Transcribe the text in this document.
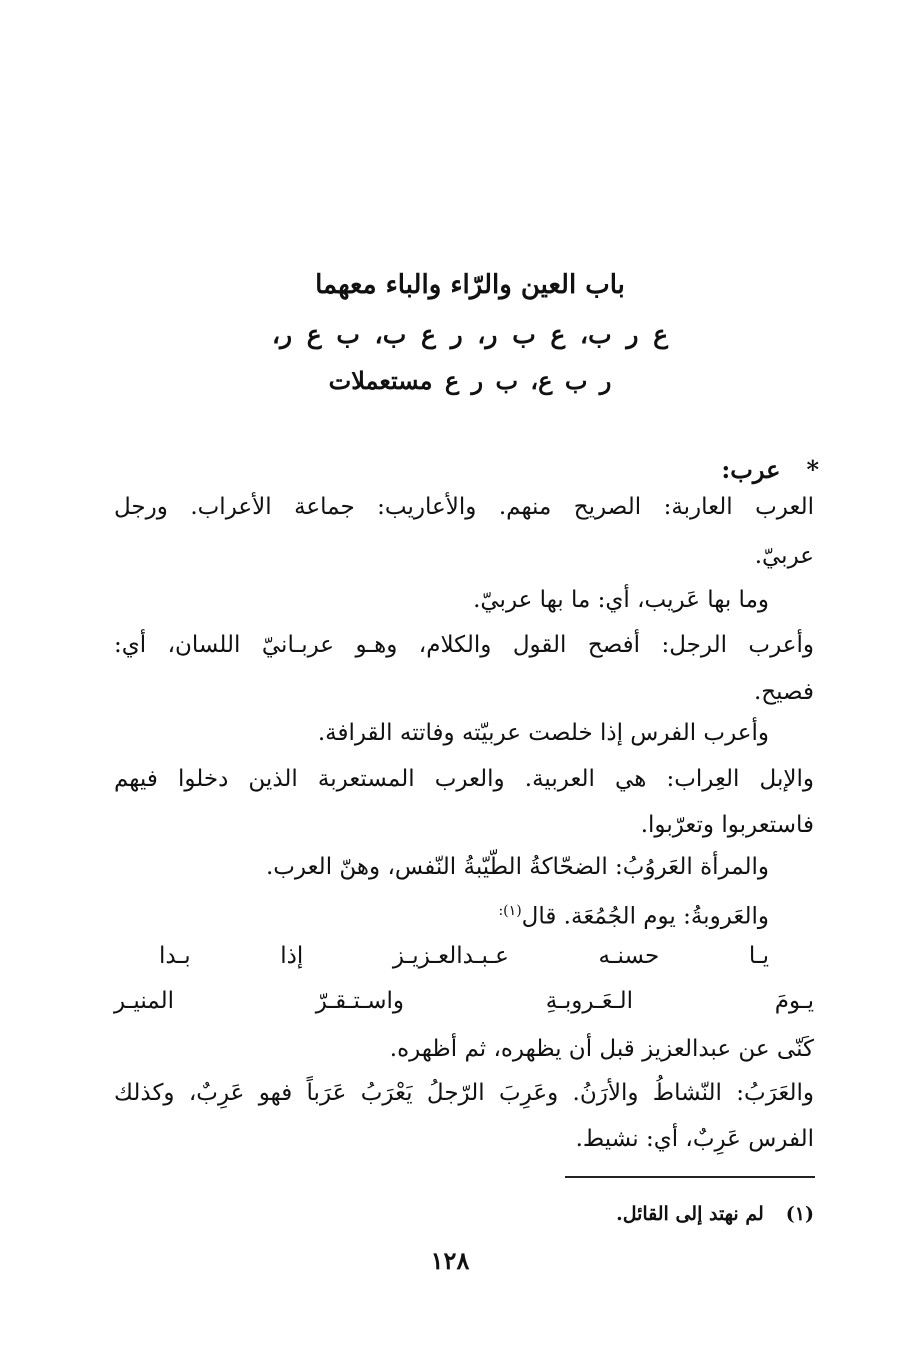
باب العين والرّاء والباء معهما
ع ر ب، ع ب ر، ر ع ب، ب ع ر،
ر ب ع، ب ر ع مستعملات
*عرب:
العرب العاربة: الصريح منهم. والأعاريب: جماعة الأعراب. ورجل
عربيّ.
وما بها عَريب، أي: ما بها عربيّ.
وأعرب الرجل: أفصح القول والكلام، وهـو عربـانيّ اللسان، أي:
فصيح.
وأعرب الفرس إذا خلصت عربيّته وفاتته القرافة.
والإبل العِراب: هي العربية. والعرب المستعربة الذين دخلوا فيهم
فاستعربوا وتعرّبوا.
والمرأة العَروُبُ: الضحّاكةُ الطّيّبةُ النّفس، وهنّ العرب.
والعَروبةُ: يوم الجُمُعَة. قال$^{(١):}$
يـا حسنـه عـبـدالعـزيـز إذا بـدا
يـومَ الـعَـروبـةِ واسـتـقـرّ المنيـر
كَنّى عن عبدالعزيز قبل أن يظهره، ثم أظهره.
والعَرَبُ: النّشاطُ والأرَنُ. وعَرِبَ الرّجلُ يَعْرَبُ عَرَباً فهو عَرِبٌ، وكذلك
الفرس عَرِبٌ، أي: نشيط.
(١)لم نهتد إلى القائل.
١٢٨
